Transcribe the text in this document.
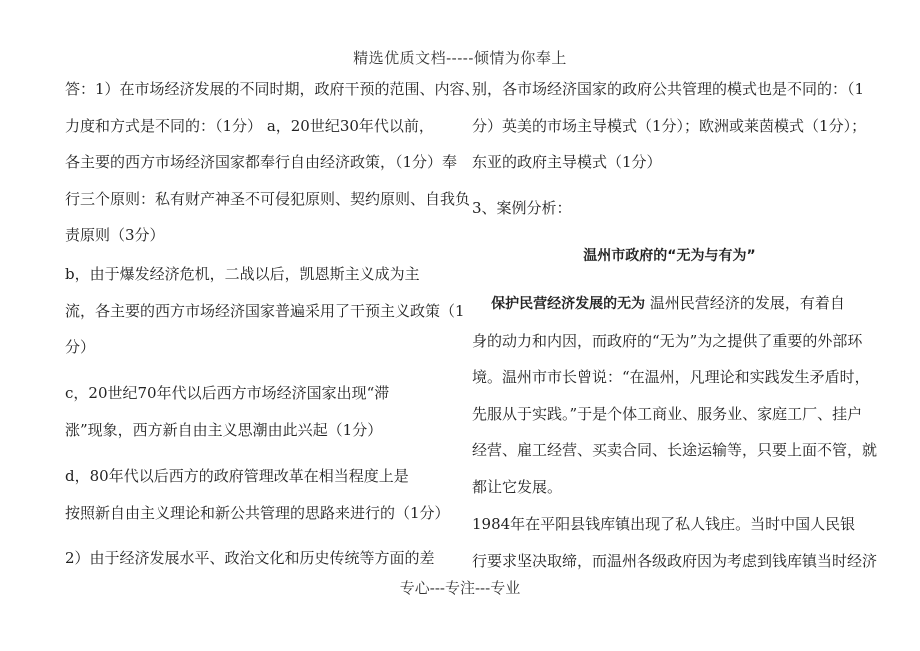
精选优质文档-----倾情为你奉上

答：1）在市场经济发展的不同时期，政府干预的范围、内容、

力度和方式是不同的：（1分） a，20世纪30年代以前，

各主要的西方市场经济国家都奉行自由经济政策，（1分）奉

行三个原则：私有财产神圣不可侵犯原则、契约原则、自我负

责原则（3分）

b，由于爆发经济危机，二战以后，凯恩斯主义成为主

流，各主要的西方市场经济国家普遍采用了干预主义政策（1

分）

c，20世纪70年代以后西方市场经济国家出现“滞

涨”现象，西方新自由主义思潮由此兴起（1分）

d，80年代以后西方的政府管理改革在相当程度上是

按照新自由主义理论和新公共管理的思路来进行的（1分）

2）由于经济发展水平、政治文化和历史传统等方面的差

别，各市场经济国家的政府公共管理的模式也是不同的：（1

分）英美的市场主导模式（1分）；欧洲或莱茵模式（1分）；

东亚的政府主导模式（1分）

3、案例分析：
温州市政府的“无为与有为”

保护民营经济发展的无为 温州民营经济的发展，有着自

身的动力和内因，而政府的“无为”为之提供了重要的外部环

境。温州市市长曾说：“在温州，凡理论和实践发生矛盾时，

先服从于实践。”于是个体工商业、服务业、家庭工厂、挂户

经营、雇工经营、买卖合同、长途运输等，只要上面不管，就

都让它发展。

1984年在平阳县钱库镇出现了私人钱庄。当时中国人民银

行要求坚决取缔，而温州各级政府因为考虑到钱库镇当时经济

专心---专注---专业
